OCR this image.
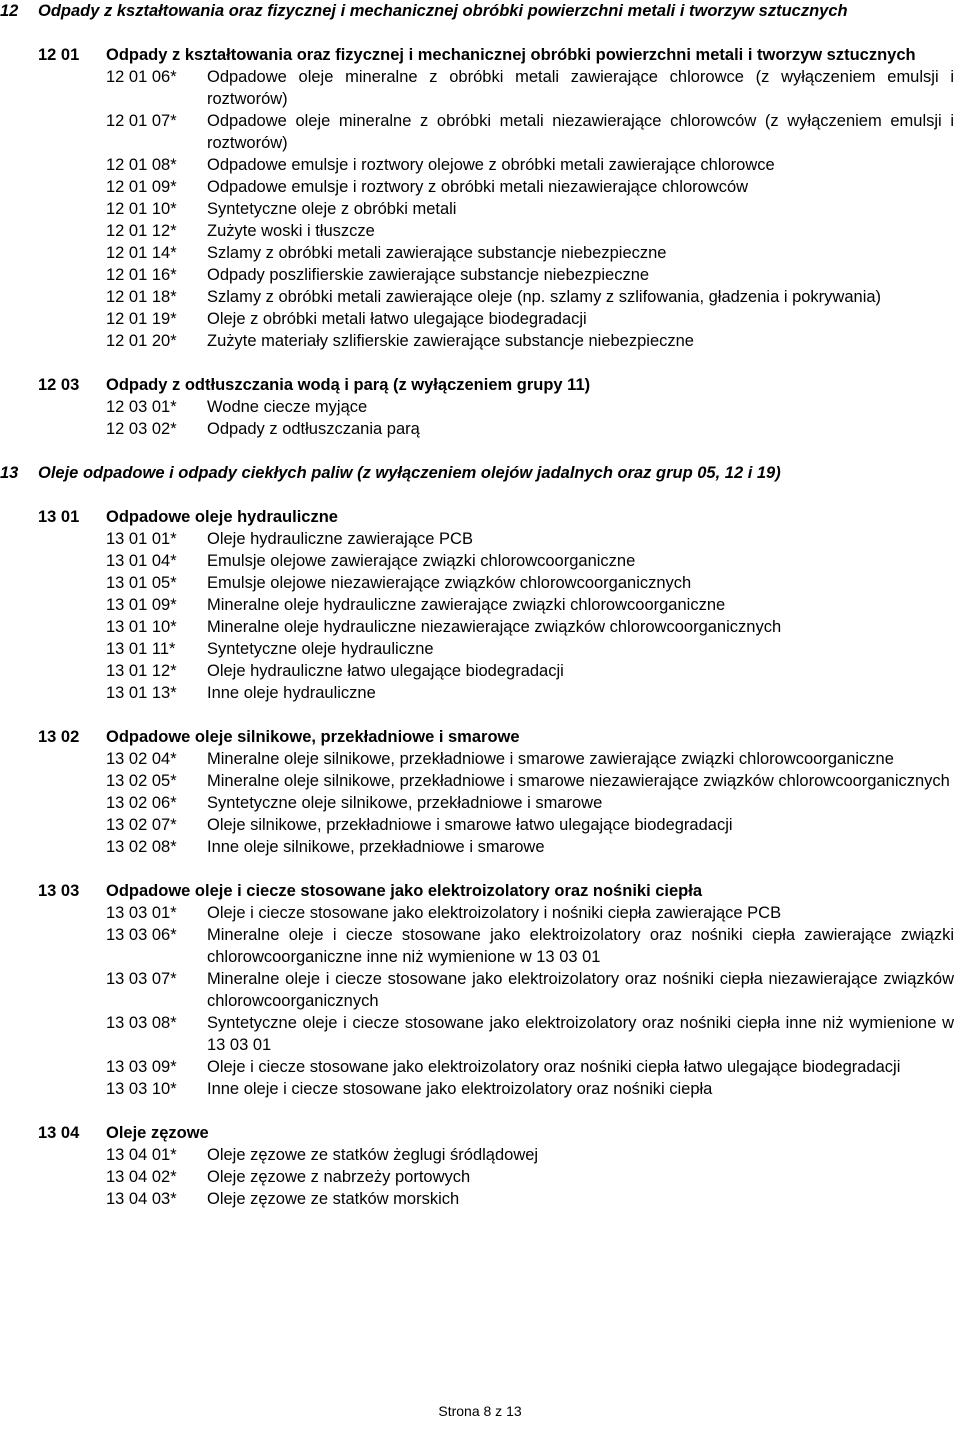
12	Odpady z kształtowania oraz fizycznej i mechanicznej obróbki powierzchni metali i tworzyw sztucznych
12 01	Odpady z kształtowania oraz fizycznej i mechanicznej obróbki powierzchni metali i tworzyw sztucznych
12 01 06*	Odpadowe oleje mineralne z obróbki metali zawierające chlorowce (z wyłączeniem emulsji i roztworów)
12 01 07*	Odpadowe oleje mineralne z obróbki metali niezawierające chlorowców (z wyłączeniem emulsji i roztworów)
12 01 08*	Odpadowe emulsje i roztwory olejowe z obróbki metali zawierające chlorowce
12 01 09*	Odpadowe emulsje i roztwory z obróbki metali niezawierające chlorowców
12 01 10*	Syntetyczne oleje z obróbki metali
12 01 12*	Zużyte woski i tłuszcze
12 01 14*	Szlamy z obróbki metali zawierające substancje niebezpieczne
12 01 16*	Odpady poszlifierskie zawierające substancje niebezpieczne
12 01 18*	Szlamy z obróbki metali zawierające oleje (np. szlamy z szlifowania, gładzenia i pokrywania)
12 01 19*	Oleje z obróbki metali łatwo ulegające biodegradacji
12 01 20*	Zużyte materiały szlifierskie zawierające substancje niebezpieczne
12 03	Odpady z odtłuszczania wodą i parą (z wyłączeniem grupy 11)
12 03 01*	Wodne ciecze myjące
12 03 02*	Odpady z odtłuszczania parą
13	Oleje odpadowe i odpady ciekłych paliw (z wyłączeniem olejów jadalnych oraz grup 05, 12 i 19)
13 01	Odpadowe oleje hydrauliczne
13 01 01*	Oleje hydrauliczne zawierające PCB
13 01 04*	Emulsje olejowe zawierające związki chlorowcoorganiczne
13 01 05*	Emulsje olejowe niezawierające związków chlorowcoorganicznych
13 01 09*	Mineralne oleje hydrauliczne zawierające związki chlorowcoorganiczne
13 01 10*	Mineralne oleje hydrauliczne niezawierające związków chlorowcoorganicznych
13 01 11*	Syntetyczne oleje hydrauliczne
13 01 12*	Oleje hydrauliczne łatwo ulegające biodegradacji
13 01 13*	Inne oleje hydrauliczne
13 02	Odpadowe oleje silnikowe, przekładniowe i smarowe
13 02 04*	Mineralne oleje silnikowe, przekładniowe i smarowe zawierające związki chlorowcoorganiczne
13 02 05*	Mineralne oleje silnikowe, przekładniowe i smarowe niezawierające związków chlorowcoorganicznych
13 02 06*	Syntetyczne oleje silnikowe, przekładniowe i smarowe
13 02 07*	Oleje silnikowe, przekładniowe i smarowe łatwo ulegające biodegradacji
13 02 08*	Inne oleje silnikowe, przekładniowe i smarowe
13 03	Odpadowe oleje i ciecze stosowane jako elektroizolatory oraz nośniki ciepła
13 03 01*	Oleje i ciecze stosowane jako elektroizolatory i nośniki ciepła zawierające PCB
13 03 06*	Mineralne oleje i ciecze stosowane jako elektroizolatory oraz nośniki ciepła zawierające związki chlorowcoorganiczne inne niż wymienione w 13 03 01
13 03 07*	Mineralne oleje i ciecze stosowane jako elektroizolatory oraz nośniki ciepła niezawierające związków chlorowcoorganicznych
13 03 08*	Syntetyczne oleje i ciecze stosowane jako elektroizolatory oraz nośniki ciepła inne niż wymienione w 13 03 01
13 03 09*	Oleje i ciecze stosowane jako elektroizolatory oraz nośniki ciepła łatwo ulegające biodegradacji
13 03 10*	Inne oleje i ciecze stosowane jako elektroizolatory oraz nośniki ciepła
13 04	Oleje zęzowe
13 04 01*	Oleje zęzowe ze statków żeglugi śródlądowej
13 04 02*	Oleje zęzowe z nabrzeży portowych
13 04 03*	Oleje zęzowe ze statków morskich
Strona 8 z 13
